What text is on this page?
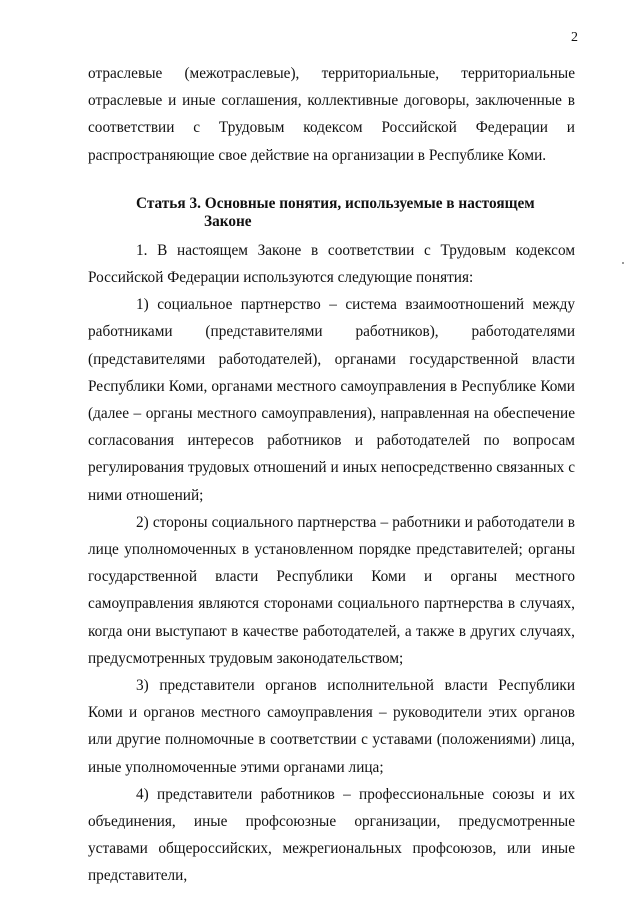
2

отраслевые (межотраслевые), территориальные, территориальные отраслевые и иные соглашения, коллективные договоры, заключенные в соответствии с Трудовым кодексом Российской Федерации и распространяющие свое действие на организации в Республике Коми.

Статья 3. Основные понятия, используемые в настоящем
Законе

1. В настоящем Законе в соответствии с Трудовым кодексом Российской Федерации используются следующие понятия:

1) социальное партнерство – система взаимоотношений между работниками (представителями работников), работодателями (представителями работодателей), органами государственной власти Республики Коми, органами местного самоуправления в Республике Коми (далее – органы местного самоуправления), направленная на обеспечение согласования интересов работников и работодателей по вопросам регулирования трудовых отношений и иных непосредственно связанных с ними отношений;

2) стороны социального партнерства – работники и работодатели в лице уполномоченных в установленном порядке представителей; органы государственной власти Республики Коми и органы местного самоуправления являются сторонами социального партнерства в случаях, когда они выступают в качестве работодателей, а также в других случаях, предусмотренных трудовым законодательством;

3) представители органов исполнительной власти Республики Коми и органов местного самоуправления – руководители этих органов или другие полномочные в соответствии с уставами (положениями) лица, иные уполномоченные этими органами лица;

4) представители работников – профессиональные союзы и их объединения, иные профсоюзные организации, предусмотренные уставами общероссийских, межрегиональных профсоюзов, или иные представители,
